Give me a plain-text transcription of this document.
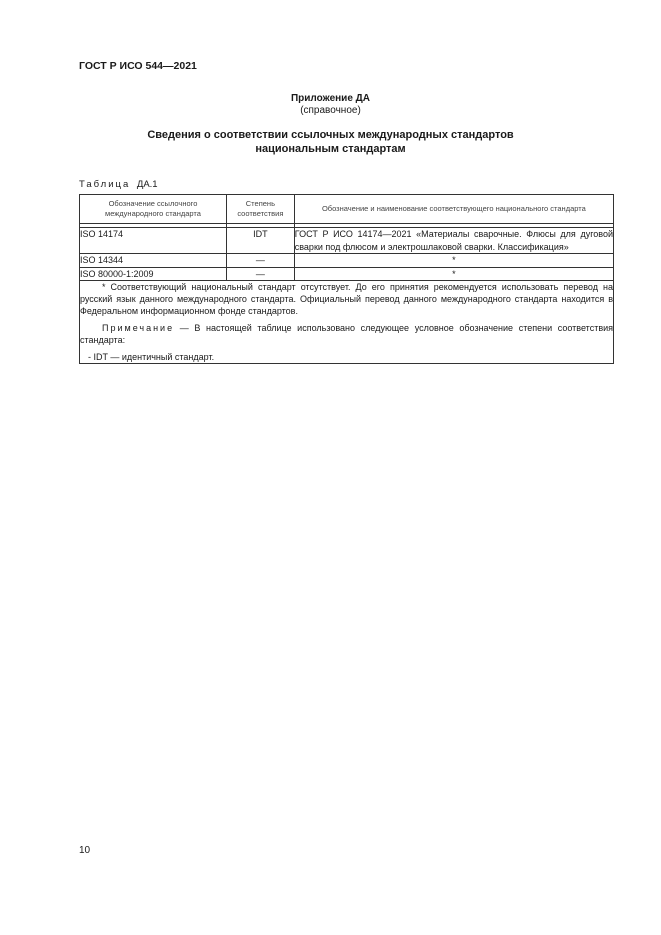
ГОСТ Р ИСО 544—2021
Приложение ДА
(справочное)
Сведения о соответствии ссылочных международных стандартов
национальным стандартам
Таблица ДА.1
Обозначение ссылочного международного стандарта	Степень соответствия	Обозначение и наименование соответствующего национального стандарта

ISO 14174	IDT	ГОСТ Р ИСО 14174—2021 «Материалы сварочные. Флюсы для дуговой сварки под флюсом и электрошлаковой сварки. Классификация»
ISO 14344	—	*
ISO 80000-1:2009	—	*

* Соответствующий национальный стандарт отсутствует. До его принятия рекомендуется использовать перевод на русский язык данного международного стандарта. Официальный перевод данного международного стандарта находится в Федеральном информационном фонде стандартов.

Примечание — В настоящей таблице использовано следующее условное обозначение степени соответствия стандарта:

- IDT — идентичный стандарт.		

10
